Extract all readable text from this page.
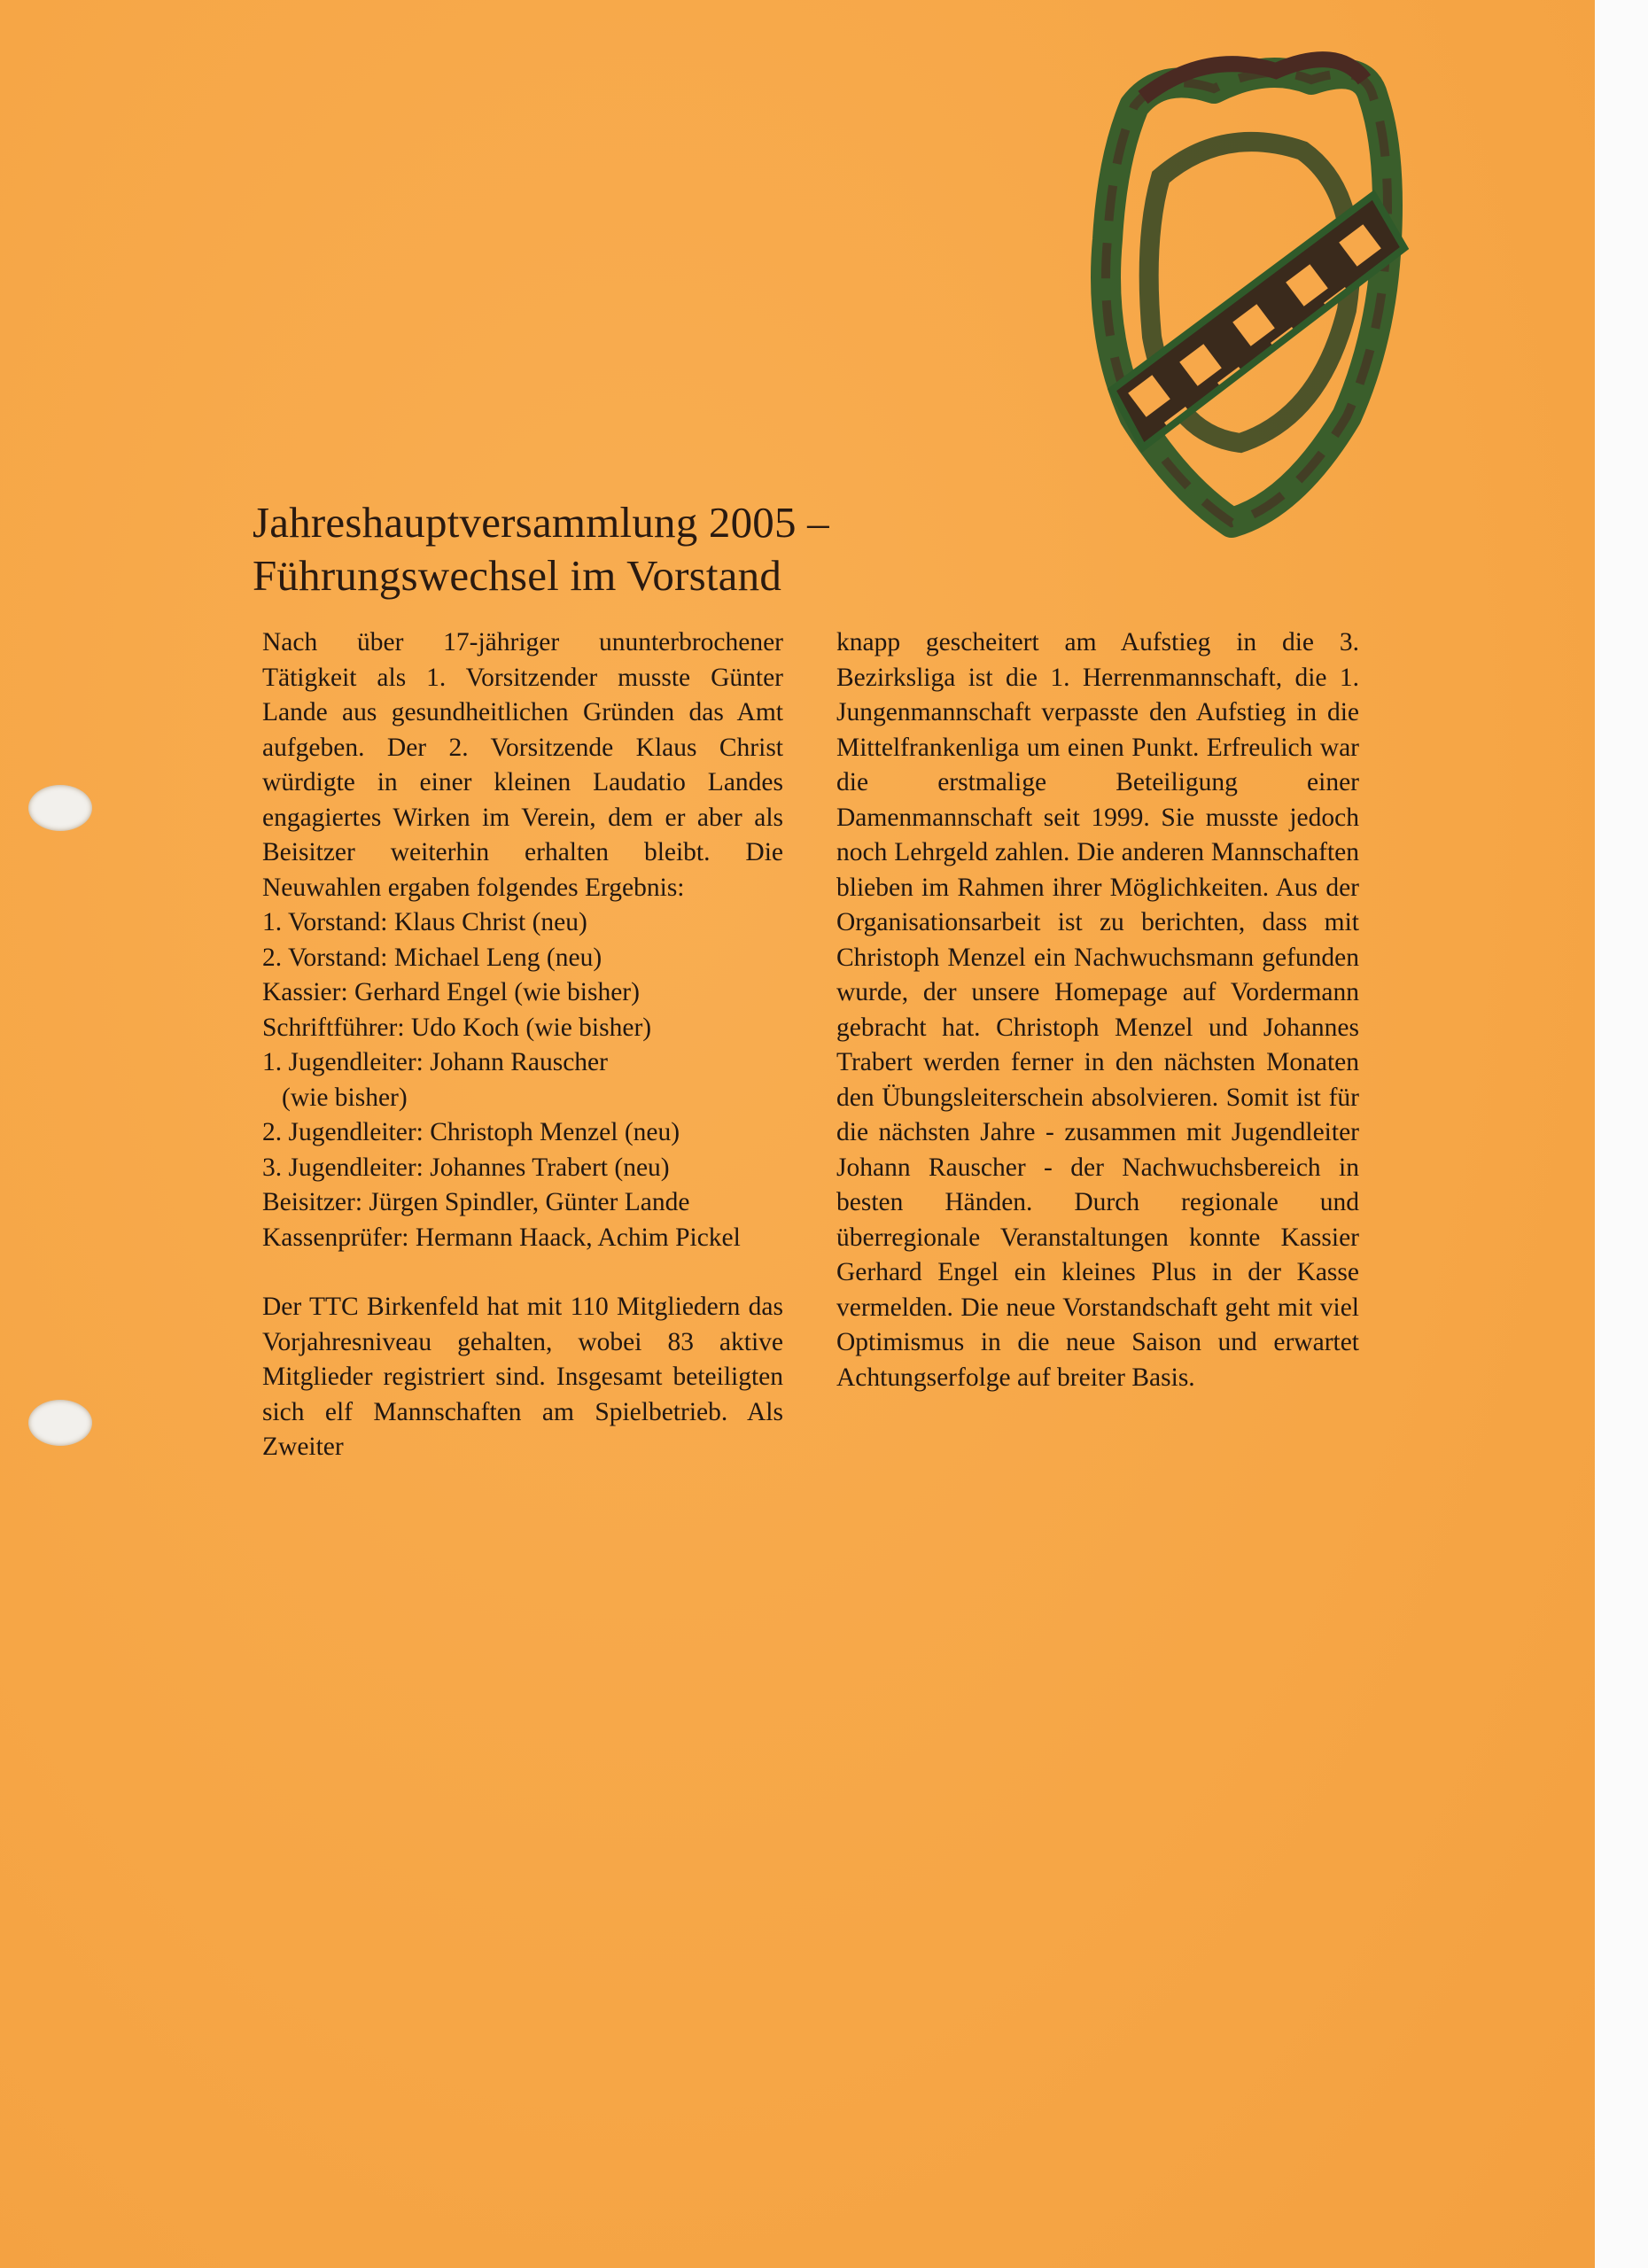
Jahreshauptversammlung 2005 –
Führungswechsel im Vorstand

Nach über 17-jähriger ununterbrochener Tätigkeit als 1. Vorsitzender musste Günter Lande aus gesundheitlichen Gründen das Amt aufgeben. Der 2. Vorsitzende Klaus Christ würdigte in einer kleinen Laudatio Landes engagiertes Wirken im Verein, dem er aber als Beisitzer weiterhin erhalten bleibt. Die Neuwahlen ergaben folgendes Ergebnis:

1. Vorstand: Klaus Christ (neu)
2. Vorstand: Michael Leng (neu)
Kassier: Gerhard Engel (wie bisher)
Schriftführer: Udo Koch (wie bisher)
1. Jugendleiter: Johann Rauscher
(wie bisher)
2. Jugendleiter: Christoph Menzel (neu)
3. Jugendleiter: Johannes Trabert (neu)
Beisitzer: Jürgen Spindler, Günter Lande
Kassenprüfer: Hermann Haack, Achim Pickel

Der TTC Birkenfeld hat mit 110 Mitgliedern das Vorjahresniveau gehalten, wobei 83 aktive Mitglieder registriert sind. Insgesamt beteiligten sich elf Mannschaften am Spielbetrieb. Als Zweiter

knapp gescheitert am Aufstieg in die 3. Bezirksliga ist die 1. Herrenmannschaft, die 1. Jungenmannschaft verpasste den Aufstieg in die Mittelfrankenliga um einen Punkt. Erfreulich war die erstmalige Beteiligung einer Damenmannschaft seit 1999. Sie musste jedoch noch Lehrgeld zahlen. Die anderen Mannschaften blieben im Rahmen ihrer Möglichkeiten. Aus der Organisationsarbeit ist zu berichten, dass mit Christoph Menzel ein Nachwuchsmann gefunden wurde, der unsere Homepage auf Vordermann gebracht hat. Christoph Menzel und Johannes Trabert werden ferner in den nächsten Monaten den Übungsleiterschein absolvieren. Somit ist für die nächsten Jahre - zusammen mit Jugendleiter Johann Rauscher - der Nachwuchsbereich in besten Händen. Durch regionale und überregionale Veranstaltungen konnte Kassier Gerhard Engel ein kleines Plus in der Kasse vermelden. Die neue Vorstandschaft geht mit viel Optimismus in die neue Saison und erwartet Achtungserfolge auf breiter Basis.
